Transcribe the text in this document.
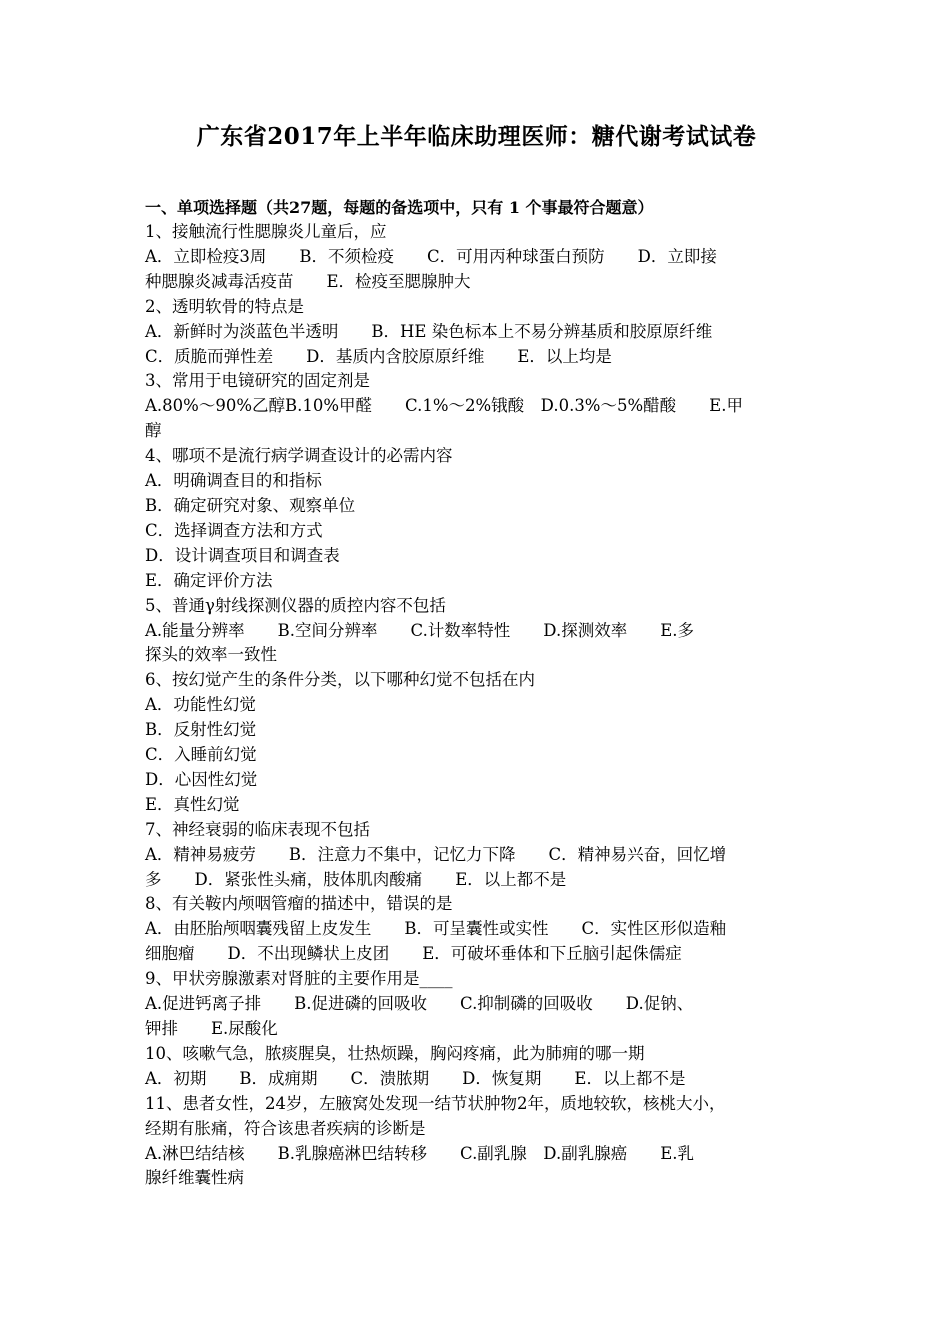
广东省2017年上半年临床助理医师：糖代谢考试试卷
一、单项选择题（共27题，每题的备选项中，只有 1 个事最符合题意）
1、接触流行性腮腺炎儿童后，应
A．立即检疫3周　　B．不须检疫　　C．可用丙种球蛋白预防　　D．立即接
种腮腺炎减毒活疫苗　　E．检疫至腮腺肿大
2、透明软骨的特点是
A．新鲜时为淡蓝色半透明　　B．HE 染色标本上不易分辨基质和胶原原纤维
C．质脆而弹性差　　D．基质内含胶原原纤维　　E．以上均是
3、常用于电镜研究的固定剂是
A.80%～90%乙醇B.10%甲醛　　C.1%～2%锇酸　D.0.3%～5%醋酸　　E.甲
醇
4、哪项不是流行病学调查设计的必需内容
A．明确调查目的和指标
B．确定研究对象、观察单位
C．选择调查方法和方式
D．设计调查项目和调查表
E．确定评价方法
5、普通γ射线探测仪器的质控内容不包括
A.能量分辨率　　B.空间分辨率　　C.计数率特性　　D.探测效率　　E.多
探头的效率一致性
6、按幻觉产生的条件分类，以下哪种幻觉不包括在内
A．功能性幻觉
B．反射性幻觉
C．入睡前幻觉
D．心因性幻觉
E．真性幻觉
7、神经衰弱的临床表现不包括
A．精神易疲劳　　B．注意力不集中，记忆力下降　　C．精神易兴奋，回忆增
多　　D．紧张性头痛，肢体肌肉酸痛　　E．以上都不是
8、有关鞍内颅咽管瘤的描述中，错误的是
A．由胚胎颅咽囊残留上皮发生　　B．可呈囊性或实性　　C．实性区形似造釉
细胞瘤　　D．不出现鳞状上皮团　　E．可破坏垂体和下丘脑引起侏儒症
9、甲状旁腺激素对肾脏的主要作用是____
A.促进钙离子排　　B.促进磷的回吸收　　C.抑制磷的回吸收　　D.促钠、
钾排　　E.尿酸化
10、咳嗽气急，脓痰腥臭，壮热烦躁，胸闷疼痛，此为肺痈的哪一期
A．初期　　B．成痈期　　C．溃脓期　　D．恢复期　　E．以上都不是
11、患者女性，24岁，左腋窝处发现一结节状肿物2年，质地较软，核桃大小，
经期有胀痛，符合该患者疾病的诊断是
A.淋巴结结核　　B.乳腺癌淋巴结转移　　C.副乳腺　D.副乳腺癌　　E.乳
腺纤维囊性病
